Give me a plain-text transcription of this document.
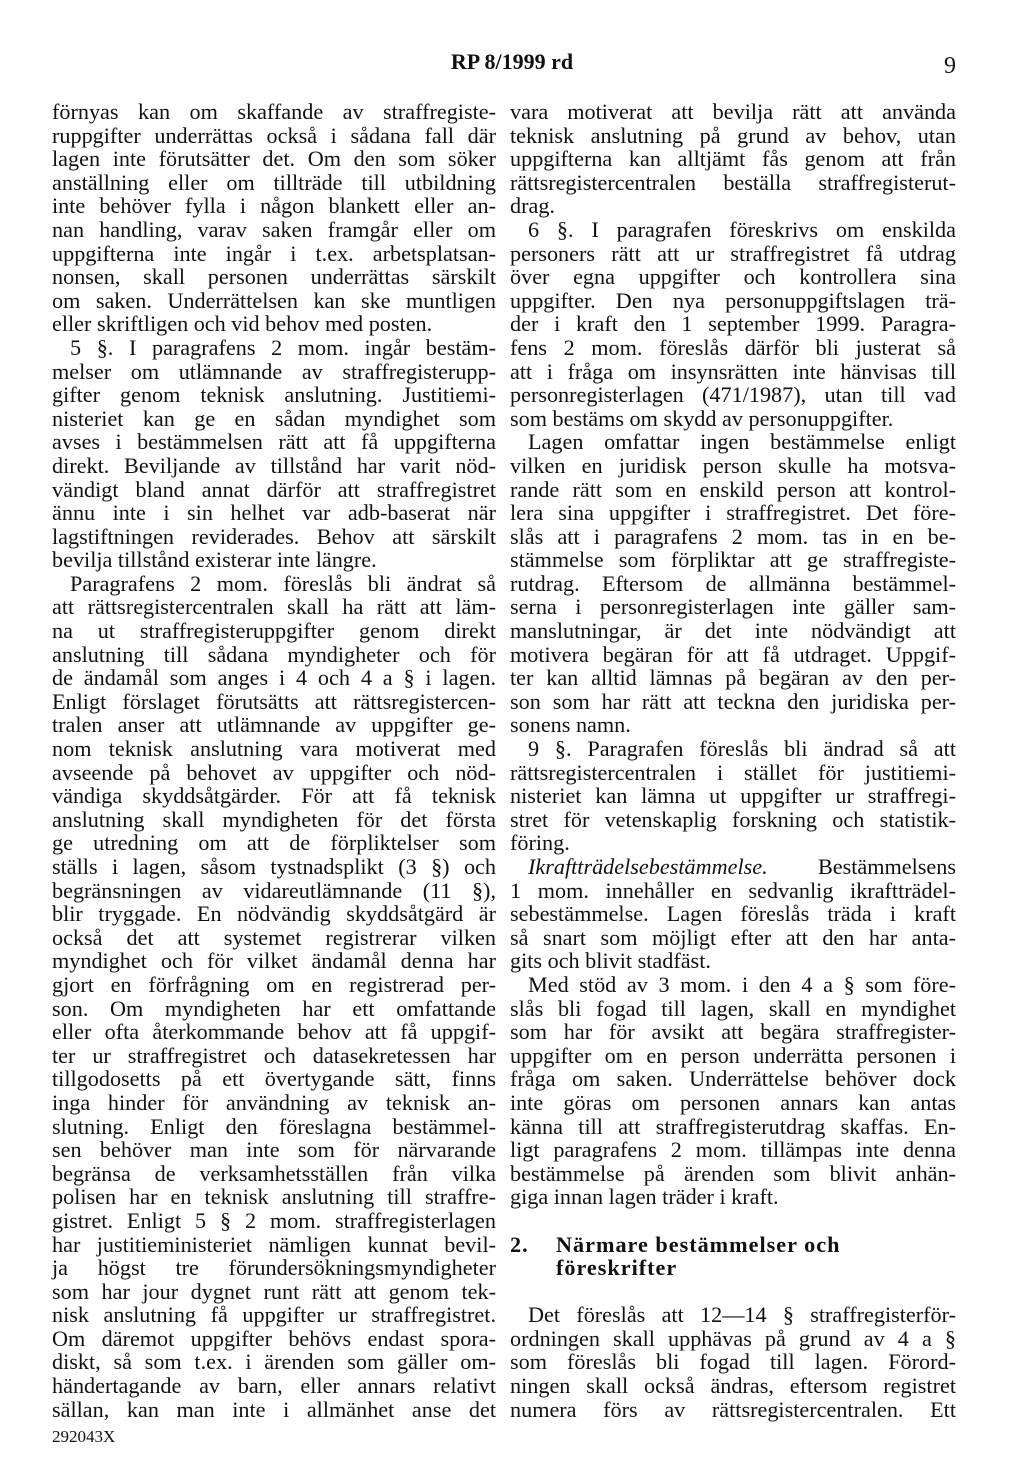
RP 8/1999 rd	9
förnyas kan om skaffande av straffregiste-
ruppgifter underrättas också i sådana fall där
lagen inte förutsätter det. Om den som söker
anställning eller om tillträde till utbildning
inte behöver fylla i någon blankett eller an-
nan handling, varav saken framgår eller om
uppgifterna inte ingår i t.ex. arbetsplatsan-
nonsen, skall personen underrättas särskilt
om saken. Underrättelsen kan ske muntligen
eller skriftligen och vid behov med posten.
5 §. I paragrafens 2 mom. ingår bestäm-
melser om utlämnande av straffregisterupp-
gifter genom teknisk anslutning. Justitiemi-
nisteriet kan ge en sådan myndighet som
avses i bestämmelsen rätt att få uppgifterna
direkt. Beviljande av tillstånd har varit nöd-
vändigt bland annat därför att straffregistret
ännu inte i sin helhet var adb-baserat när
lagstiftningen reviderades. Behov att särskilt
bevilja tillstånd existerar inte längre.
Paragrafens 2 mom. föreslås bli ändrat så
att rättsregistercentralen skall ha rätt att läm-
na ut straffregisteruppgifter genom direkt
anslutning till sådana myndigheter och för
de ändamål som anges i 4 och 4 a § i lagen.
Enligt förslaget förutsätts att rättsregistercen-
tralen anser att utlämnande av uppgifter ge-
nom teknisk anslutning vara motiverat med
avseende på behovet av uppgifter och nöd-
vändiga skyddsåtgärder. För att få teknisk
anslutning skall myndigheten för det första
ge utredning om att de förpliktelser som
ställs i lagen, såsom tystnadsplikt (3 §) och
begränsningen av vidareutlämnande (11 §),
blir tryggade. En nödvändig skyddsåtgärd är
också det att systemet registrerar vilken
myndighet och för vilket ändamål denna har
gjort en förfrågning om en registrerad per-
son. Om myndigheten har ett omfattande
eller ofta återkommande behov att få uppgif-
ter ur straffregistret och datasekretessen har
tillgodosetts på ett övertygande sätt, finns
inga hinder för användning av teknisk an-
slutning. Enligt den föreslagna bestämmel-
sen behöver man inte som för närvarande
begränsa de verksamhetsställen från vilka
polisen har en teknisk anslutning till straffre-
gistret. Enligt 5 § 2 mom. straffregisterlagen
har justitieministeriet nämligen kunnat bevil-
ja högst tre förundersökningsmyndigheter
som har jour dygnet runt rätt att genom tek-
nisk anslutning få uppgifter ur straffregistret.
Om däremot uppgifter behövs endast spora-
diskt, så som t.ex. i ärenden som gäller om-
händertagande av barn, eller annars relativt
sällan, kan man inte i allmänhet anse det
vara motiverat att bevilja rätt att använda
teknisk anslutning på grund av behov, utan
uppgifterna kan alltjämt fås genom att från
rättsregistercentralen beställa straffregisterut-
drag.
6 §. I paragrafen föreskrivs om enskilda
personers rätt att ur straffregistret få utdrag
över egna uppgifter och kontrollera sina
uppgifter. Den nya personuppgiftslagen trä-
der i kraft den 1 september 1999. Paragra-
fens 2 mom. föreslås därför bli justerat så
att i fråga om insynsrätten inte hänvisas till
personregisterlagen (471/1987), utan till vad
som bestäms om skydd av personuppgifter.
Lagen omfattar ingen bestämmelse enligt
vilken en juridisk person skulle ha motsva-
rande rätt som en enskild person att kontrol-
lera sina uppgifter i straffregistret. Det före-
slås att i paragrafens 2 mom. tas in en be-
stämmelse som förpliktar att ge straffregiste-
rutdrag. Eftersom de allmänna bestämmel-
serna i personregisterlagen inte gäller sam-
manslutningar, är det inte nödvändigt att
motivera begäran för att få utdraget. Uppgif-
ter kan alltid lämnas på begäran av den per-
son som har rätt att teckna den juridiska per-
sonens namn.
9 §. Paragrafen föreslås bli ändrad så att
rättsregistercentralen i stället för justitiemi-
nisteriet kan lämna ut uppgifter ur straffregi-
stret för vetenskaplig forskning och statistik-
föring.
Ikraftträdelsebestämmelse. Bestämmelsens
1 mom. innehåller en sedvanlig ikraftträdel-
sebestämmelse. Lagen föreslås träda i kraft
så snart som möjligt efter att den har anta-
gits och blivit stadfäst.
Med stöd av 3 mom. i den 4 a § som före-
slås bli fogad till lagen, skall en myndighet
som har för avsikt att begära straffregister-
uppgifter om en person underrätta personen i
fråga om saken. Underrättelse behöver dock
inte göras om personen annars kan antas
känna till att straffregisterutdrag skaffas. En-
ligt paragrafens 2 mom. tillämpas inte denna
bestämmelse på ärenden som blivit anhän-
giga innan lagen träder i kraft.
2. Närmare bestämmelser och
föreskrifter
Det föreslås att 12—14 § straffregisterför-
ordningen skall upphävas på grund av 4 a §
som föreslås bli fogad till lagen. Förord-
ningen skall också ändras, eftersom registret
numera förs av rättsregistercentralen. Ett
292043X
